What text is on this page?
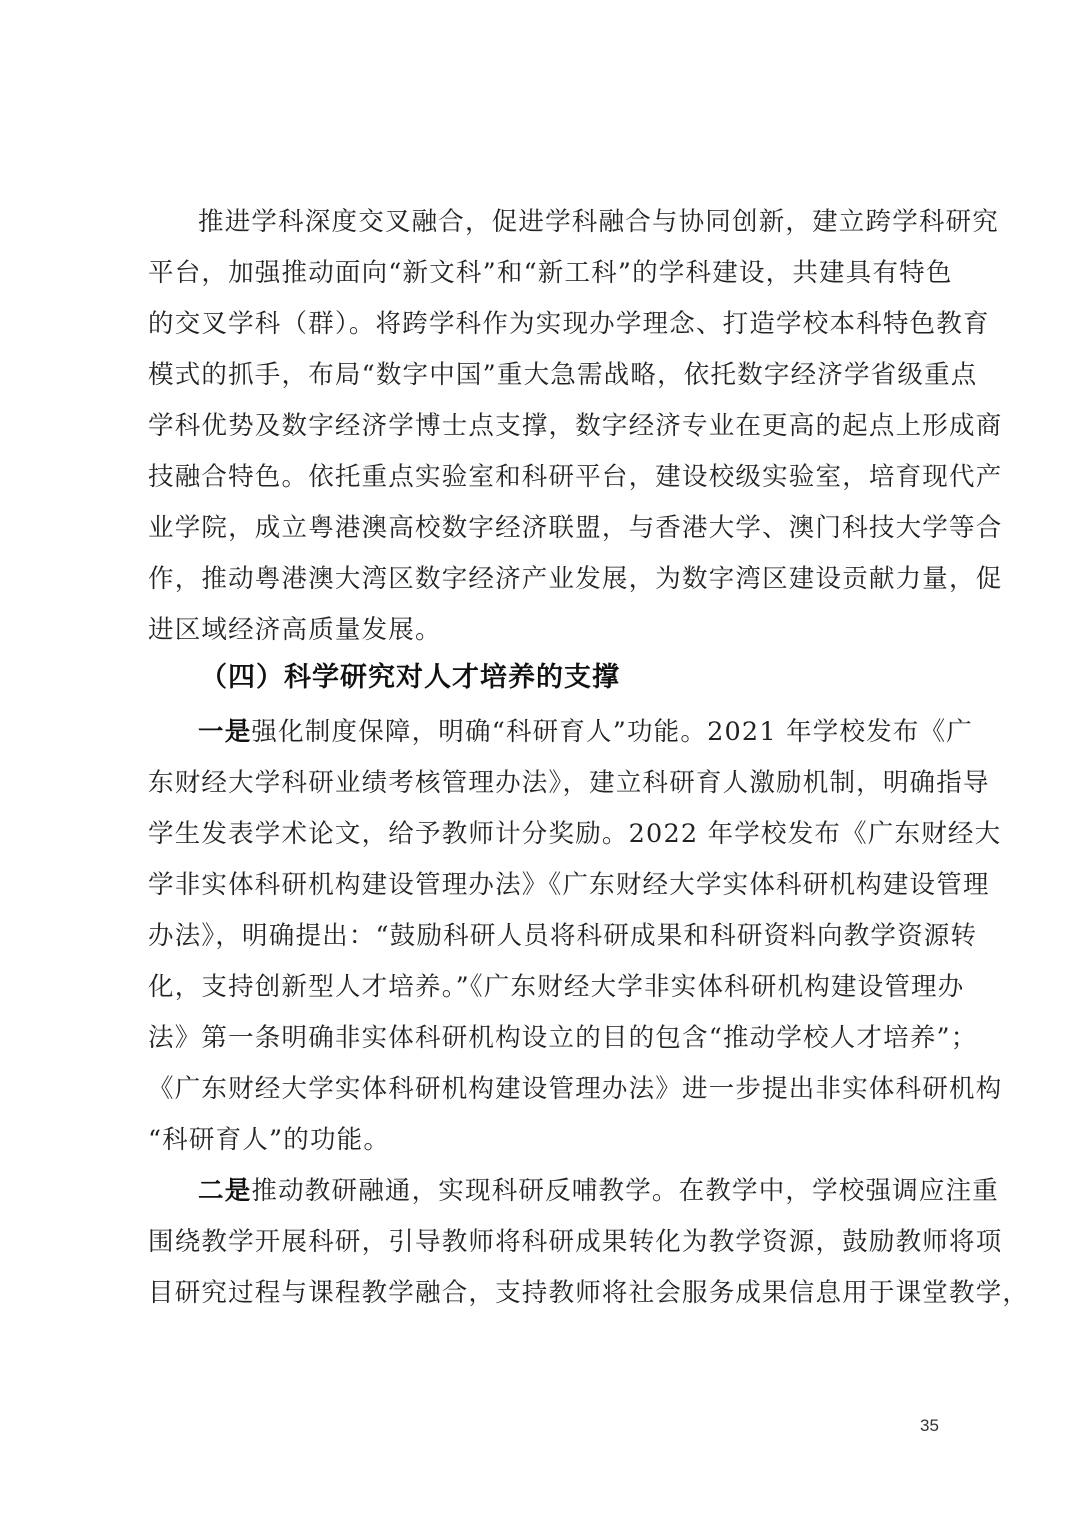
推进学科深度交叉融合，促进学科融合与协同创新，建立跨学科研究
平台，加强推动面向“新文科”和“新工科”的学科建设，共建具有特色
的交叉学科（群）。将跨学科作为实现办学理念、打造学校本科特色教育
模式的抓手，布局“数字中国”重大急需战略，依托数字经济学省级重点
学科优势及数字经济学博士点支撑，数字经济专业在更高的起点上形成商
技融合特色。依托重点实验室和科研平台，建设校级实验室，培育现代产
业学院，成立粤港澳高校数字经济联盟，与香港大学、澳门科技大学等合
作，推动粤港澳大湾区数字经济产业发展，为数字湾区建设贡献力量，促
进区域经济高质量发展。
（四）科学研究对人才培养的支撑
一是强化制度保障，明确“科研育人”功能。2021 年学校发布《广
东财经大学科研业绩考核管理办法》，建立科研育人激励机制，明确指导
学生发表学术论文，给予教师计分奖励。2022 年学校发布《广东财经大
学非实体科研机构建设管理办法》《广东财经大学实体科研机构建设管理
办法》，明确提出：“鼓励科研人员将科研成果和科研资料向教学资源转
化，支持创新型人才培养。”《广东财经大学非实体科研机构建设管理办
法》第一条明确非实体科研机构设立的目的包含“推动学校人才培养”；
《广东财经大学实体科研机构建设管理办法》进一步提出非实体科研机构
“科研育人”的功能。
二是推动教研融通，实现科研反哺教学。在教学中，学校强调应注重
围绕教学开展科研，引导教师将科研成果转化为教学资源，鼓励教师将项
目研究过程与课程教学融合，支持教师将社会服务成果信息用于课堂教学，
35
